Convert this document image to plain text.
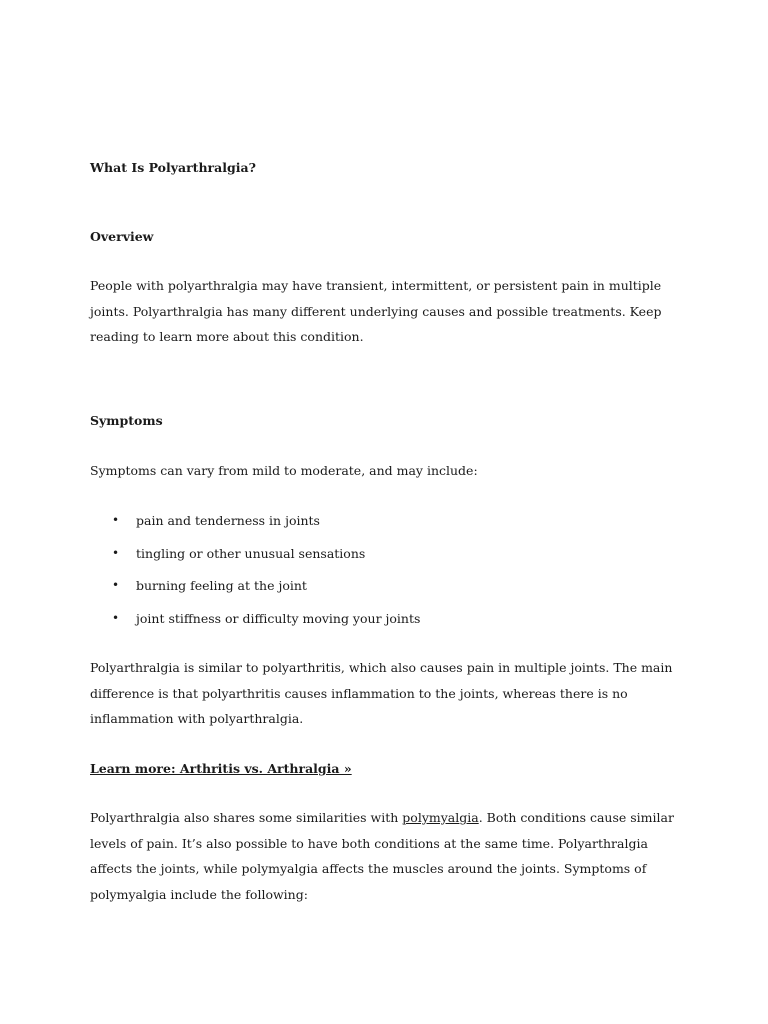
What Is Polyarthralgia?
Overview
People with polyarthralgia may have transient, intermittent, or persistent pain in multiple joints. Polyarthralgia has many different underlying causes and possible treatments. Keep reading to learn more about this condition.
Symptoms
Symptoms can vary from mild to moderate, and may include:
• pain and tenderness in joints
• tingling or other unusual sensations
• burning feeling at the joint
• joint stiffness or difficulty moving your joints
Polyarthralgia is similar to polyarthritis, which also causes pain in multiple joints. The main difference is that polyarthritis causes inflammation to the joints, whereas there is no inflammation with polyarthralgia.
Learn more: Arthritis vs. Arthralgia »
Polyarthralgia also shares some similarities with polymyalgia. Both conditions cause similar levels of pain. It’s also possible to have both conditions at the same time. Polyarthralgia affects the joints, while polymyalgia affects the muscles around the joints. Symptoms of polymyalgia include the following:
